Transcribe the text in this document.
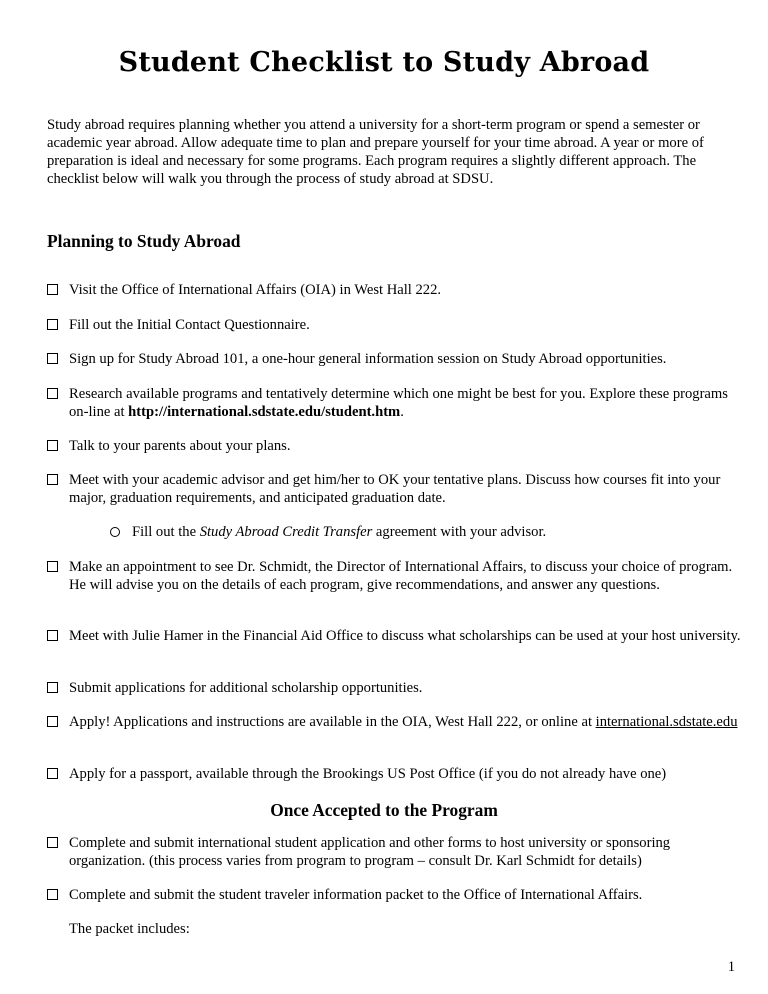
Student Checklist to Study Abroad
Study abroad requires planning whether you attend a university for a short-term program or spend a semester or academic year abroad. Allow adequate time to plan and prepare yourself for your time abroad. A year or more of preparation is ideal and necessary for some programs. Each program requires a slightly different approach. The checklist below will walk you through the process of study abroad at SDSU.
Planning to Study Abroad
Visit the Office of International Affairs (OIA) in West Hall 222.
Fill out the Initial Contact Questionnaire.
Sign up for Study Abroad 101, a one-hour general information session on Study Abroad opportunities.
Research available programs and tentatively determine which one might be best for you. Explore these programs on-line at http://international.sdstate.edu/student.htm.
Talk to your parents about your plans.
Meet with your academic advisor and get him/her to OK your tentative plans. Discuss how courses fit into your major, graduation requirements, and anticipated graduation date.
Fill out the Study Abroad Credit Transfer agreement with your advisor.
Make an appointment to see Dr. Schmidt, the Director of International Affairs, to discuss your choice of program. He will advise you on the details of each program, give recommendations, and answer any questions.
Meet with Julie Hamer in the Financial Aid Office to discuss what scholarships can be used at your host university.
Submit applications for additional scholarship opportunities.
Apply! Applications and instructions are available in the OIA, West Hall 222, or online at international.sdstate.edu
Apply for a passport, available through the Brookings US Post Office (if you do not already have one)
Once Accepted to the Program
Complete and submit international student application and other forms to host university or sponsoring organization. (this process varies from program to program – consult Dr. Karl Schmidt for details)
Complete and submit the student traveler information packet to the Office of International Affairs.
The packet includes:
1
